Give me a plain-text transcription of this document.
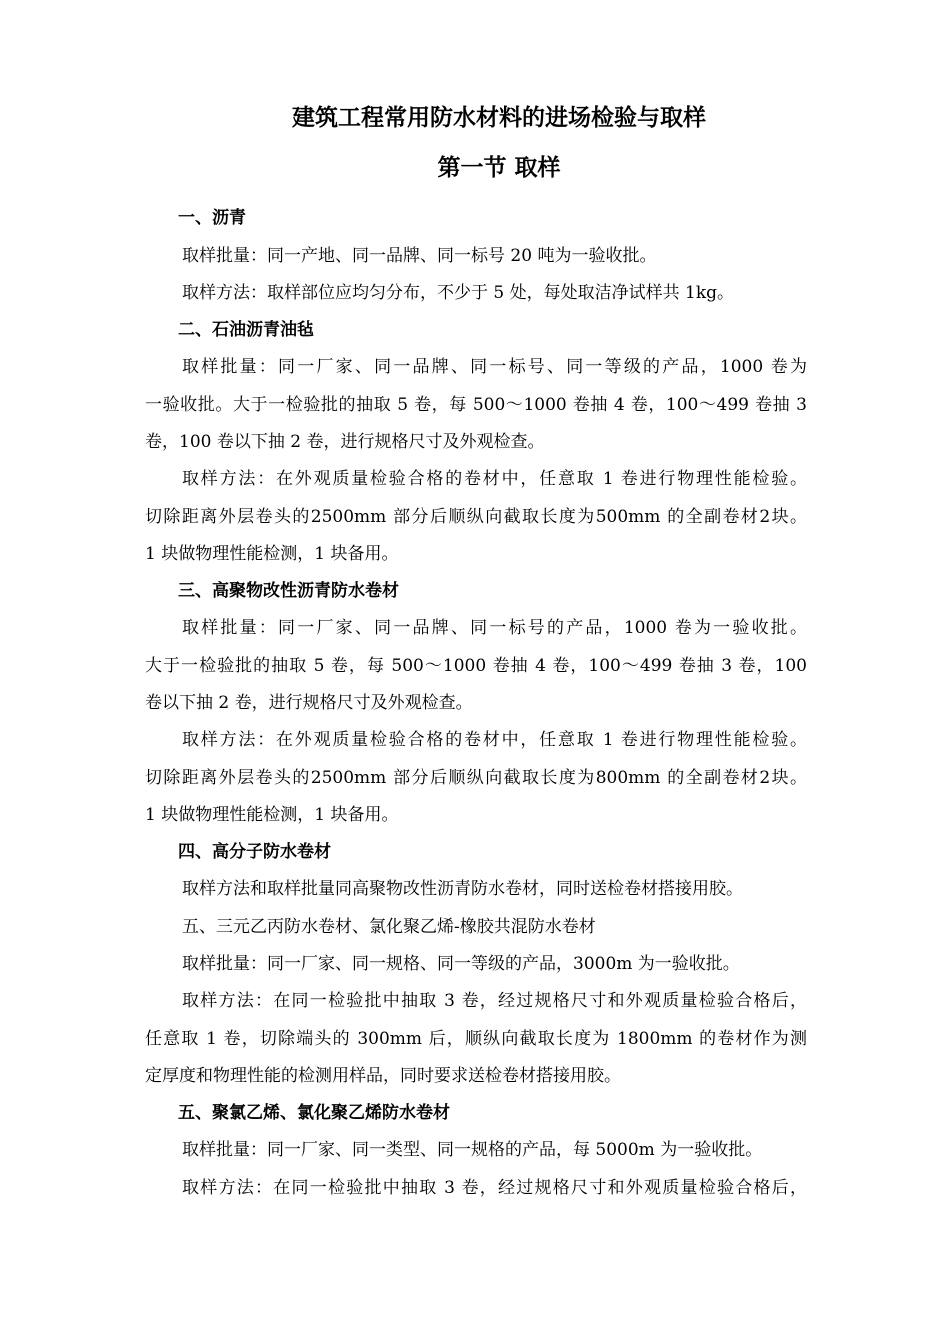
建筑工程常用防水材料的进场检验与取样
第一节 取样

一、沥青

取样批量：同一产地、同一品牌、同一标号 20 吨为一验收批。

取样方法：取样部位应均匀分布，不少于 5 处，每处取洁净试样共 1kg。

二、石油沥青油毡

取样批量：同一厂家、同一品牌、同一标号、同一等级的产品，1000 卷为

一验收批。大于一检验批的抽取 5 卷，每 500～1000 卷抽 4 卷，100～499 卷抽 3

卷，100 卷以下抽 2 卷，进行规格尺寸及外观检查。

取样方法：在外观质量检验合格的卷材中，任意取 1 卷进行物理性能检验。

切除距离外层卷头的2500mm 部分后顺纵向截取长度为500mm 的全副卷材2块。

1 块做物理性能检测，1 块备用。

三、高聚物改性沥青防水卷材

取样批量：同一厂家、同一品牌、同一标号的产品，1000 卷为一验收批。

大于一检验批的抽取 5 卷，每 500～1000 卷抽 4 卷，100～499 卷抽 3 卷，100

卷以下抽 2 卷，进行规格尺寸及外观检查。

取样方法：在外观质量检验合格的卷材中，任意取 1 卷进行物理性能检验。

切除距离外层卷头的2500mm 部分后顺纵向截取长度为800mm 的全副卷材2块。

1 块做物理性能检测，1 块备用。

四、高分子防水卷材

取样方法和取样批量同高聚物改性沥青防水卷材，同时送检卷材搭接用胶。

五、三元乙丙防水卷材、氯化聚乙烯-橡胶共混防水卷材

取样批量：同一厂家、同一规格、同一等级的产品，3000m 为一验收批。

取样方法：在同一检验批中抽取 3 卷，经过规格尺寸和外观质量检验合格后，

任意取 1 卷，切除端头的 300mm 后，顺纵向截取长度为 1800mm 的卷材作为测

定厚度和物理性能的检测用样品，同时要求送检卷材搭接用胶。

五、聚氯乙烯、氯化聚乙烯防水卷材

取样批量：同一厂家、同一类型、同一规格的产品，每 5000m 为一验收批。

取样方法：在同一检验批中抽取 3 卷，经过规格尺寸和外观质量检验合格后，
